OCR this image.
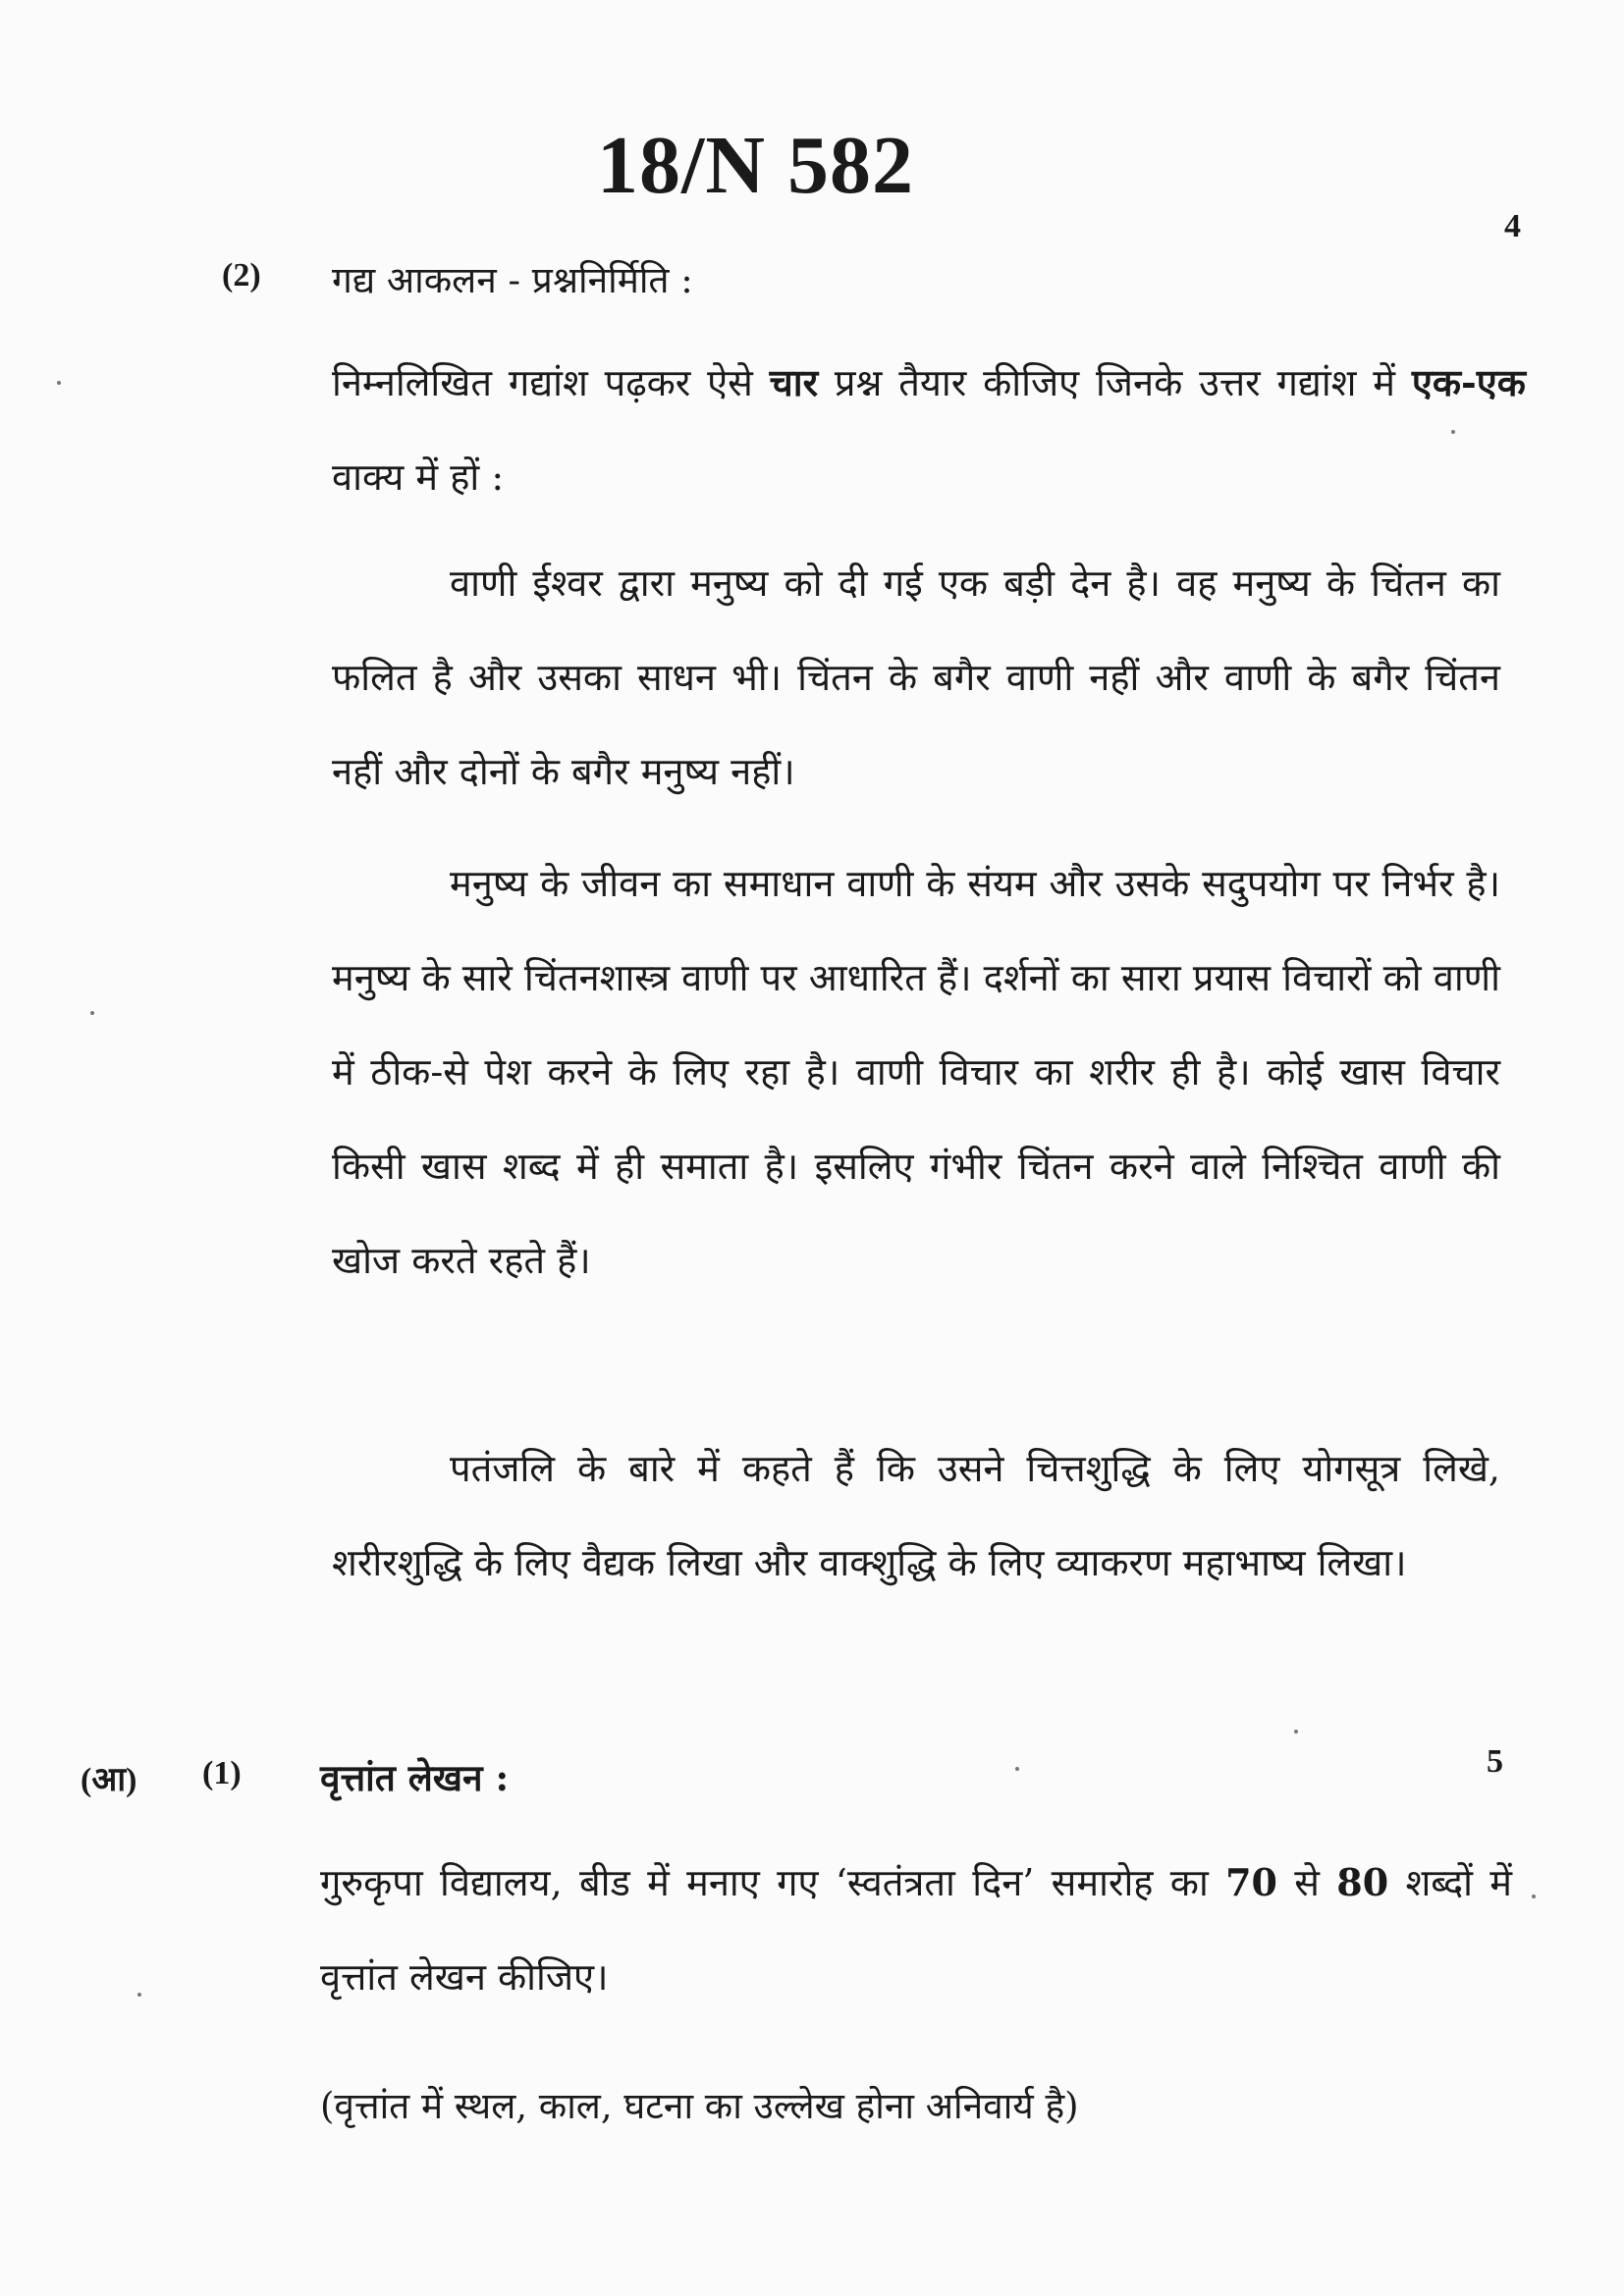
18/N 582
4
(2) गद्य आकलन - प्रश्ननिर्मिति :
निम्नलिखित गद्यांश पढ़कर ऐसे चार प्रश्न तैयार कीजिए जिनके उत्तर गद्यांश में एक-एक वाक्य में हों :
वाणी ईश्वर द्वारा मनुष्य को दी गई एक बड़ी देन है। वह मनुष्य के चिंतन का फलित है और उसका साधन भी। चिंतन के बगैर वाणी नहीं और वाणी के बगैर चिंतन नहीं और दोनों के बगैर मनुष्य नहीं।
मनुष्य के जीवन का समाधान वाणी के संयम और उसके सदुपयोग पर निर्भर है। मनुष्य के सारे चिंतनशास्त्र वाणी पर आधारित हैं। दर्शनों का सारा प्रयास विचारों को वाणी में ठीक-से पेश करने के लिए रहा है। वाणी विचार का शरीर ही है। कोई खास विचार किसी खास शब्द में ही समाता है। इसलिए गंभीर चिंतन करने वाले निश्चित वाणी की खोज करते रहते हैं।
पतंजलि के बारे में कहते हैं कि उसने चित्तशुद्धि के लिए योगसूत्र लिखे, शरीरशुद्धि के लिए वैद्यक लिखा और वाक्शुद्धि के लिए व्याकरण महाभाष्य लिखा।
(आ) (1) वृत्तांत लेखन :	5
गुरुकृपा विद्यालय, बीड में मनाए गए ‘स्वतंत्रता दिन’ समारोह का 70 से 80 शब्दों में वृत्तांत लेखन कीजिए।
(वृत्तांत में स्थल, काल, घटना का उल्लेख होना अनिवार्य है)
